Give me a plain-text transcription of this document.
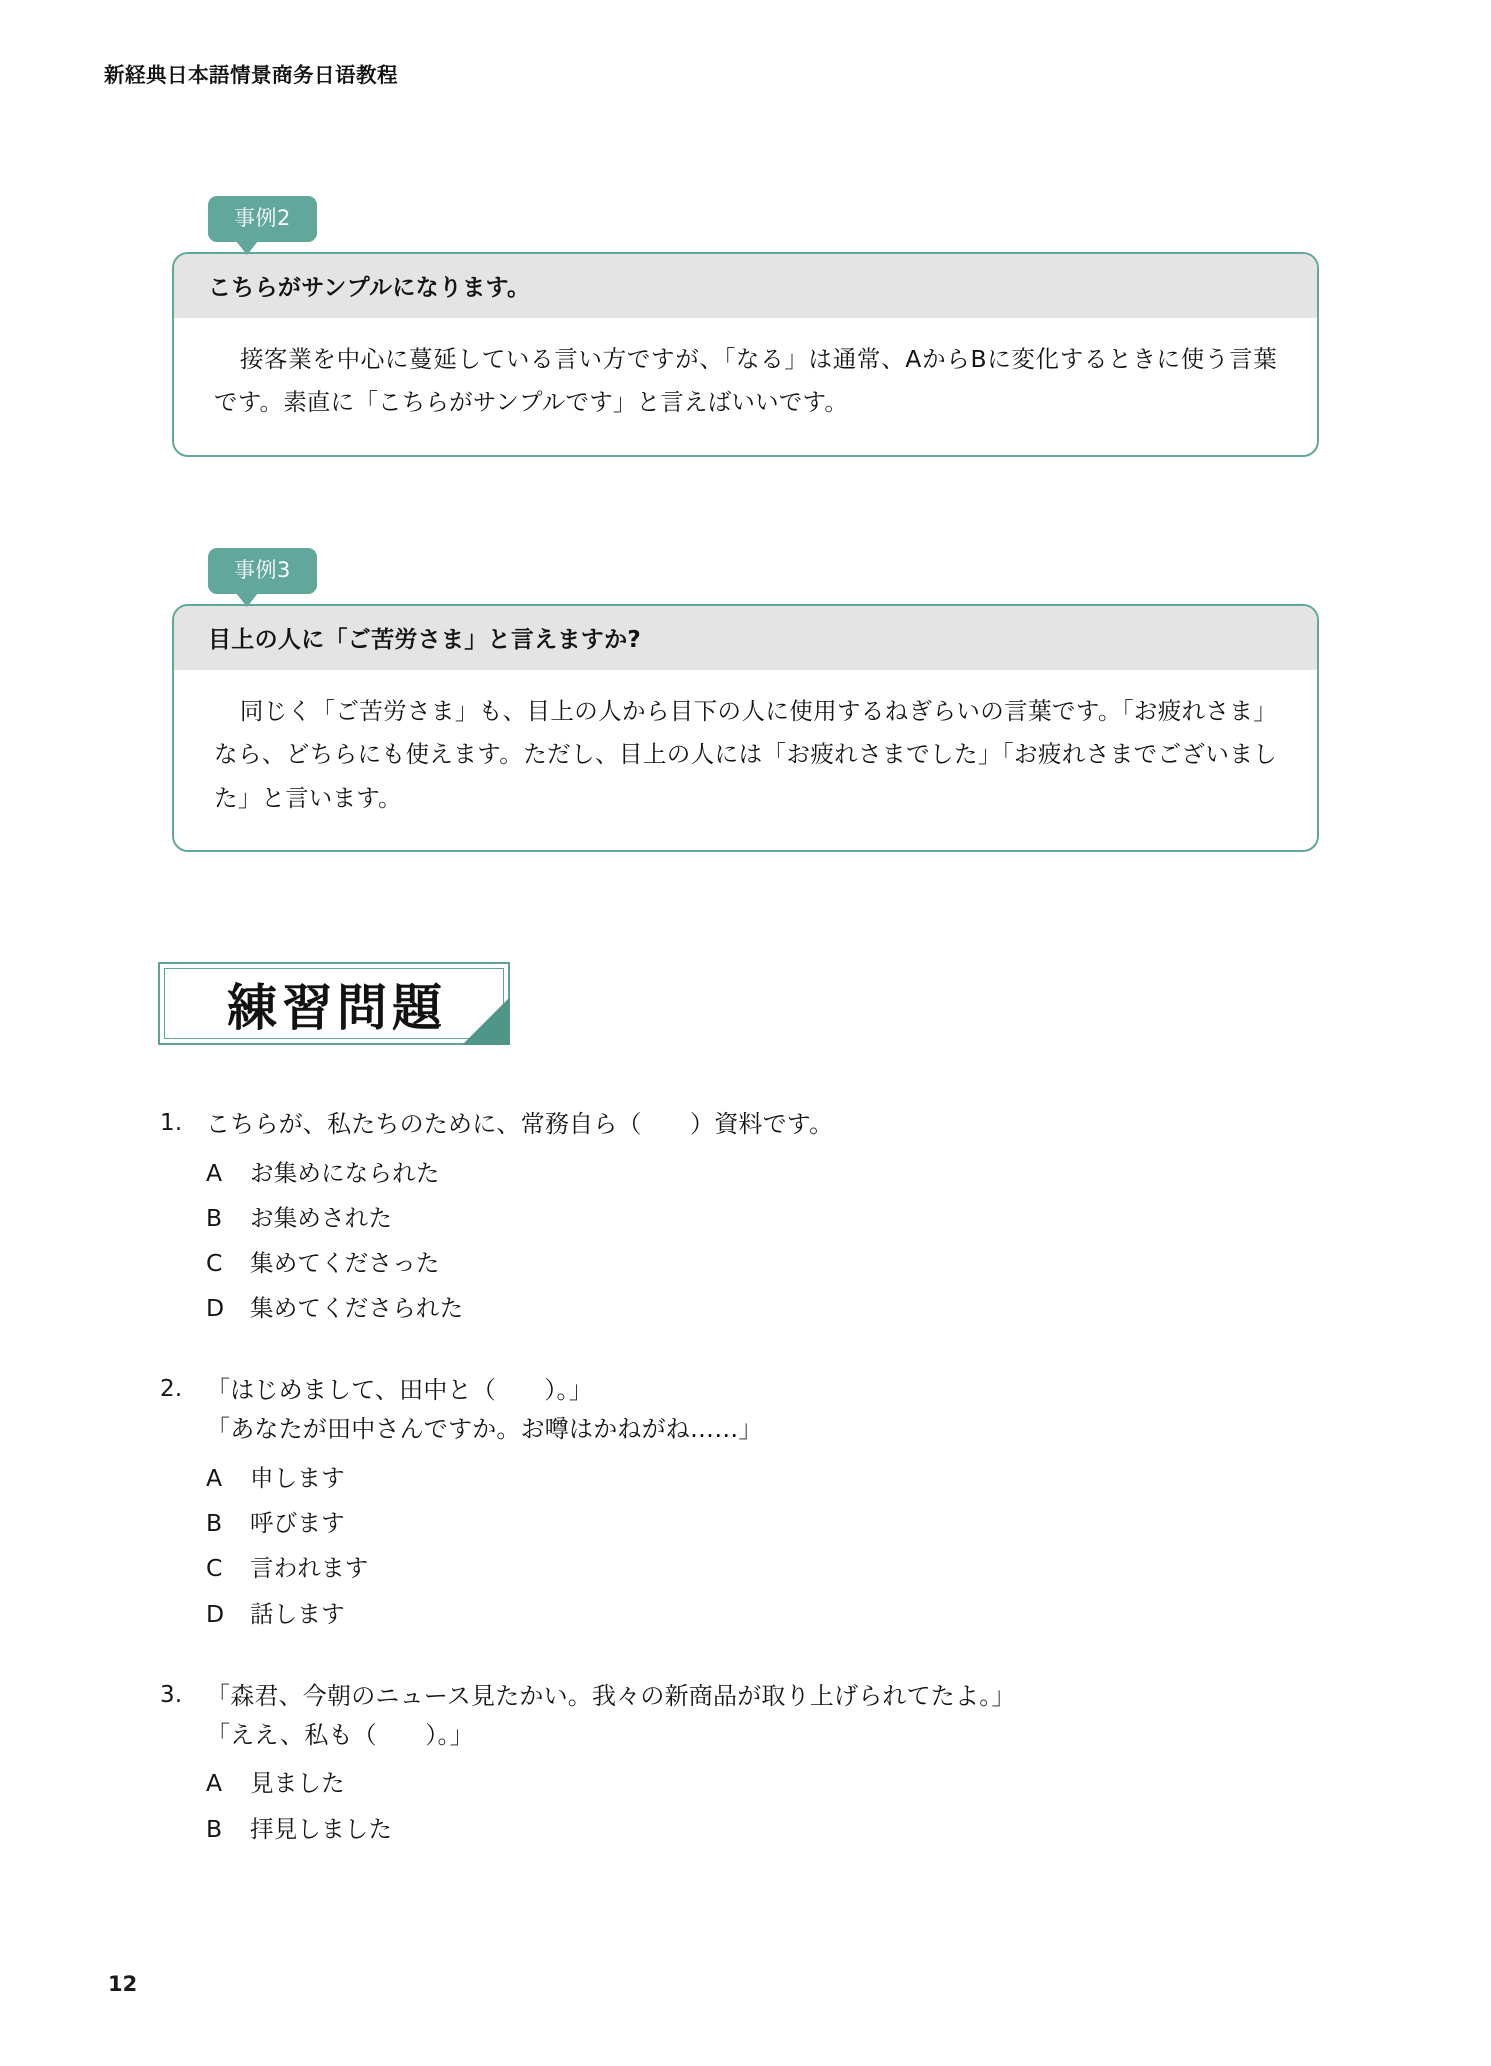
新経典日本語情景商务日语教程
事例2
こちらがサンプルになります。

接客業を中心に蔓延している言い方ですが、「なる」は通常、AからBに変化するときに使う言葉です。素直に「こちらがサンプルです」と言えばいいです。

事例3
目上の人に「ご苦労さま」と言えますか?

同じく「ご苦労さま」も、目上の人から目下の人に使用するねぎらいの言葉です。「お疲れさま」なら、どちらにも使えます。ただし、目上の人には「お疲れさまでした」「お疲れさまでございました」と言います。

練習問題
1. こちらが、私たちのために、常務自ら（　　）資料です。
A	お集めになられた
B	お集めされた
C	集めてくださった
D	集めてくださられた
2. 「はじめまして、田中と（　　）。」
「あなたが田中さんですか。お噂はかねがね……」
A	申します
B	呼びます
C	言われます
D	話します
3. 「森君、今朝のニュース見たかい。我々の新商品が取り上げられてたよ。」
「ええ、私も（　　）。」
A	見ました
B	拝見しました
12
